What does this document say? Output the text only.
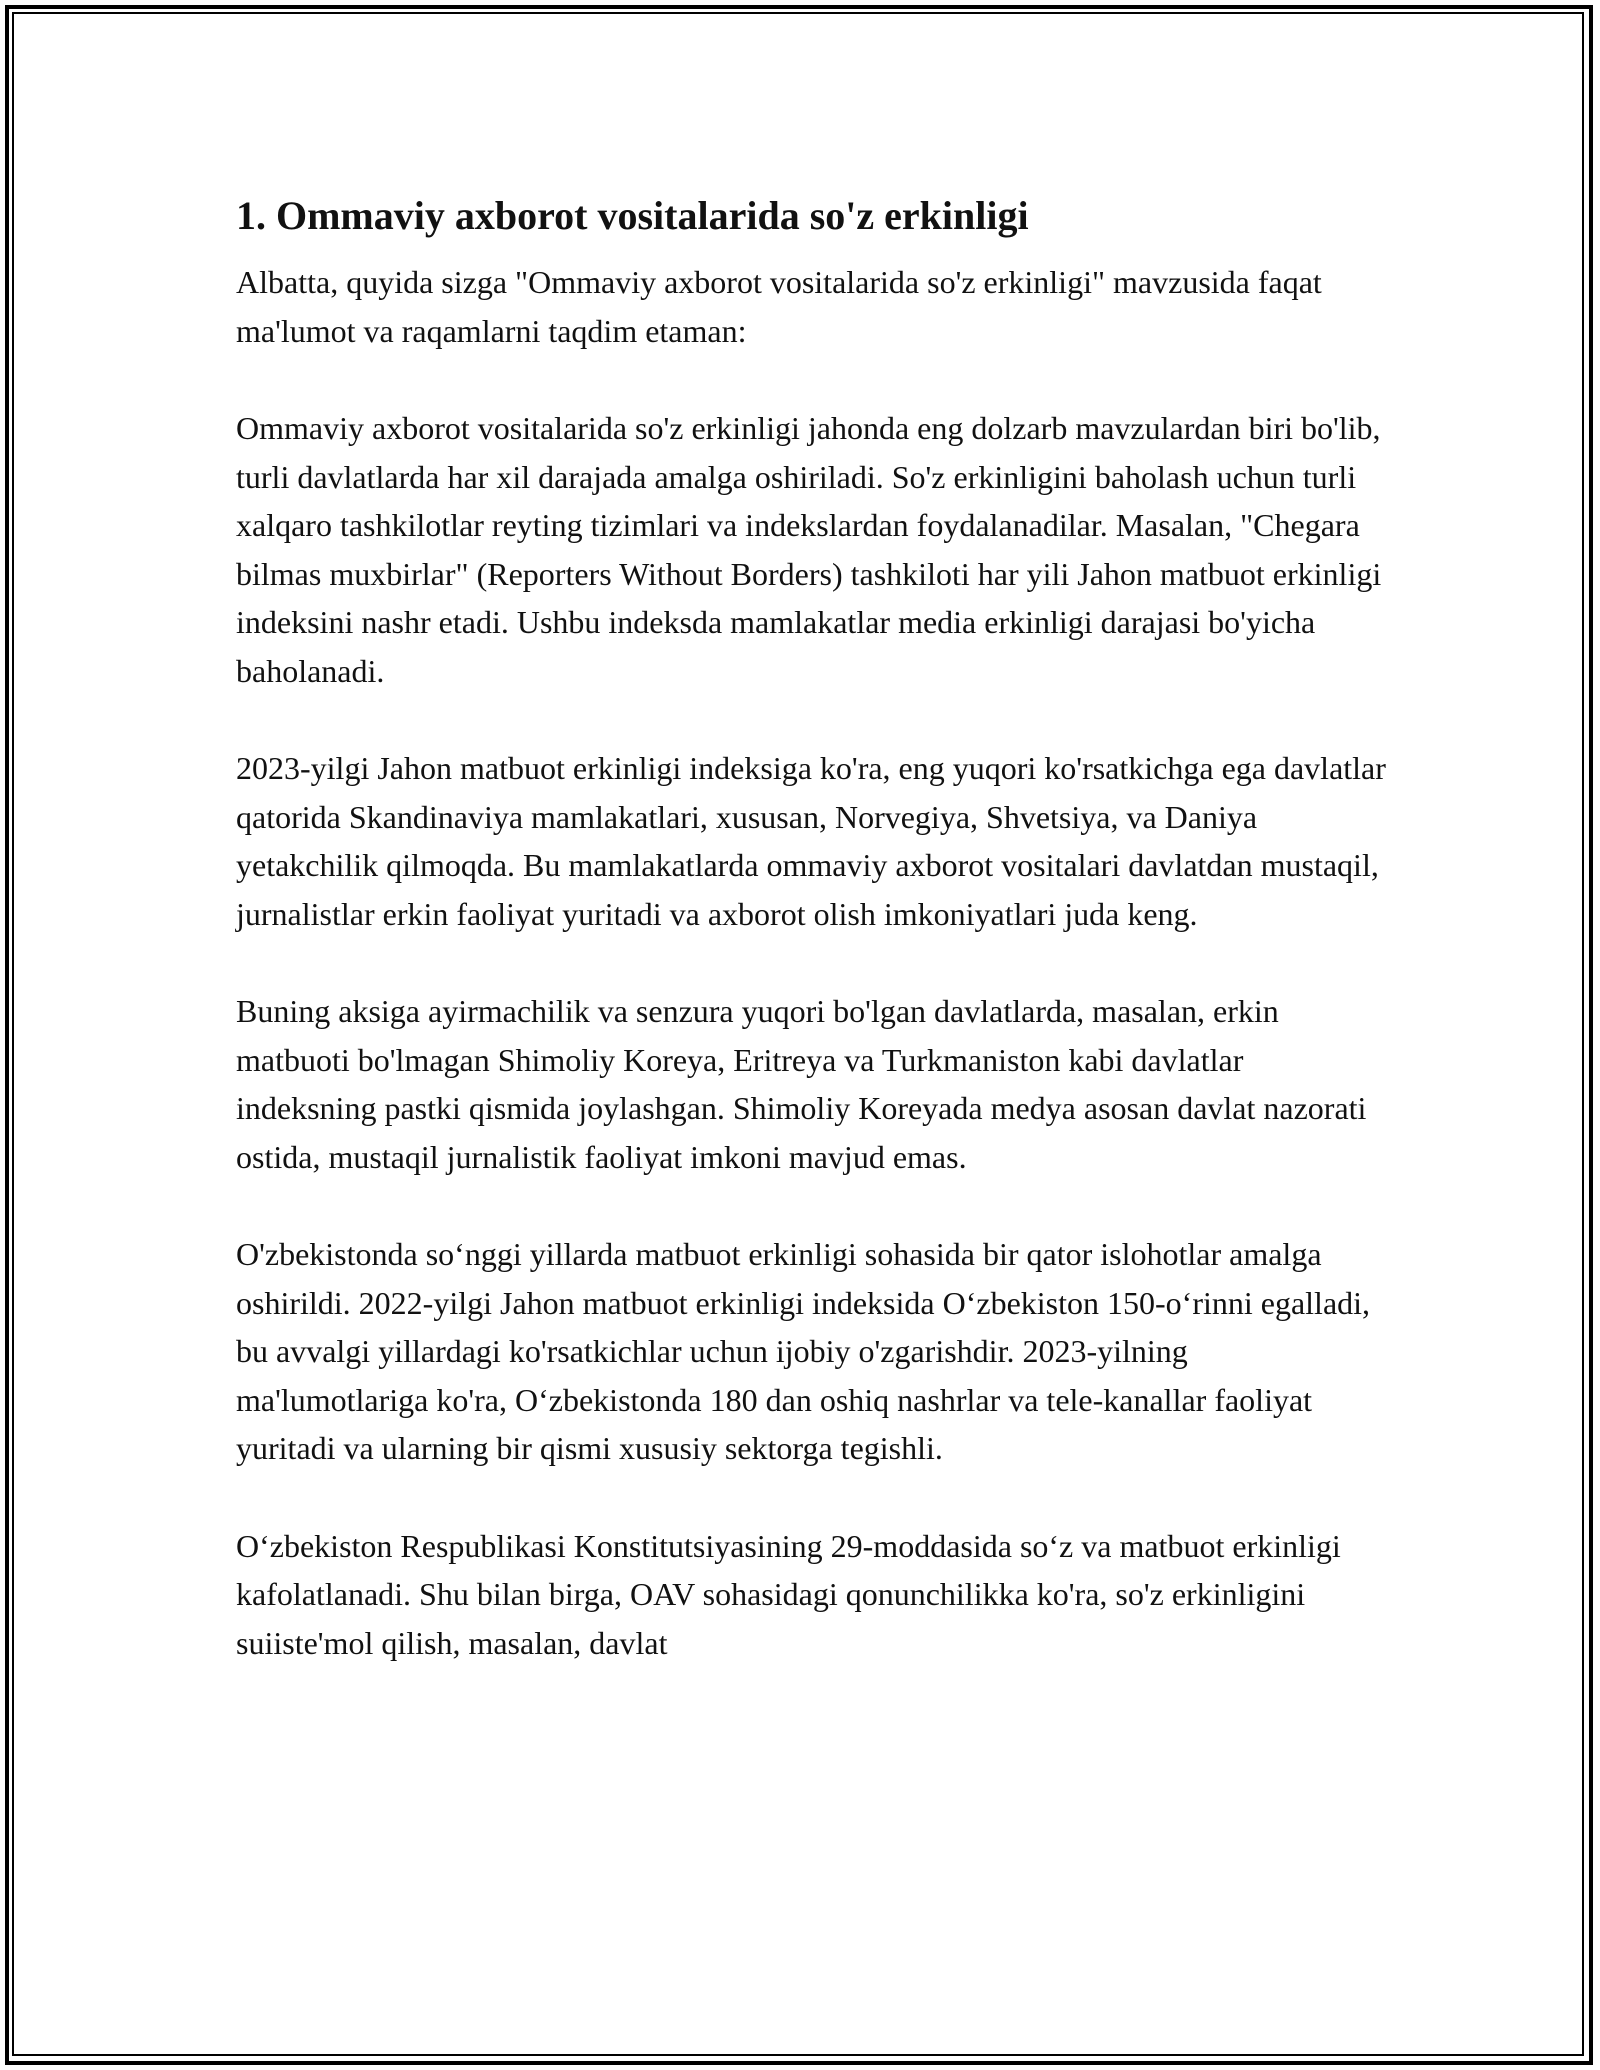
1. Ommaviy axborot vositalarida so'z erkinligi

Albatta, quyida sizga "Ommaviy axborot vositalarida so'z erkinligi" mavzusida faqat ma'lumot va raqamlarni taqdim etaman:

Ommaviy axborot vositalarida so'z erkinligi jahonda eng dolzarb mavzulardan biri bo'lib, turli davlatlarda har xil darajada amalga oshiriladi. So'z erkinligini baholash uchun turli xalqaro tashkilotlar reyting tizimlari va indekslardan foydalanadilar. Masalan, "Chegara bilmas muxbirlar" (Reporters Without Borders) tashkiloti har yili Jahon matbuot erkinligi indeksini nashr etadi. Ushbu indeksda mamlakatlar media erkinligi darajasi bo'yicha baholanadi.

2023-yilgi Jahon matbuot erkinligi indeksiga ko'ra, eng yuqori ko'rsatkichga ega davlatlar qatorida Skandinaviya mamlakatlari, xususan, Norvegiya, Shvetsiya, va Daniya yetakchilik qilmoqda. Bu mamlakatlarda ommaviy axborot vositalari davlatdan mustaqil, jurnalistlar erkin faoliyat yuritadi va axborot olish imkoniyatlari juda keng.

Buning aksiga ayirmachilik va senzura yuqori bo'lgan davlatlarda, masalan, erkin matbuoti bo'lmagan Shimoliy Koreya, Eritreya va Turkmaniston kabi davlatlar indeksning pastki qismida joylashgan. Shimoliy Koreyada medya asosan davlat nazorati ostida, mustaqil jurnalistik faoliyat imkoni mavjud emas.

O'zbekistonda so‘nggi yillarda matbuot erkinligi sohasida bir qator islohotlar amalga oshirildi. 2022-yilgi Jahon matbuot erkinligi indeksida O‘zbekiston 150-o‘rinni egalladi, bu avvalgi yillardagi ko'rsatkichlar uchun ijobiy o'zgarishdir. 2023-yilning ma'lumotlariga ko'ra, O‘zbekistonda 180 dan oshiq nashrlar va tele-kanallar faoliyat yuritadi va ularning bir qismi xususiy sektorga tegishli.

O‘zbekiston Respublikasi Konstitutsiyasining 29-moddasida so‘z va matbuot erkinligi kafolatlanadi. Shu bilan birga, OAV sohasidagi qonunchilikka ko'ra, so'z erkinligini suiiste'mol qilish, masalan, davlat
